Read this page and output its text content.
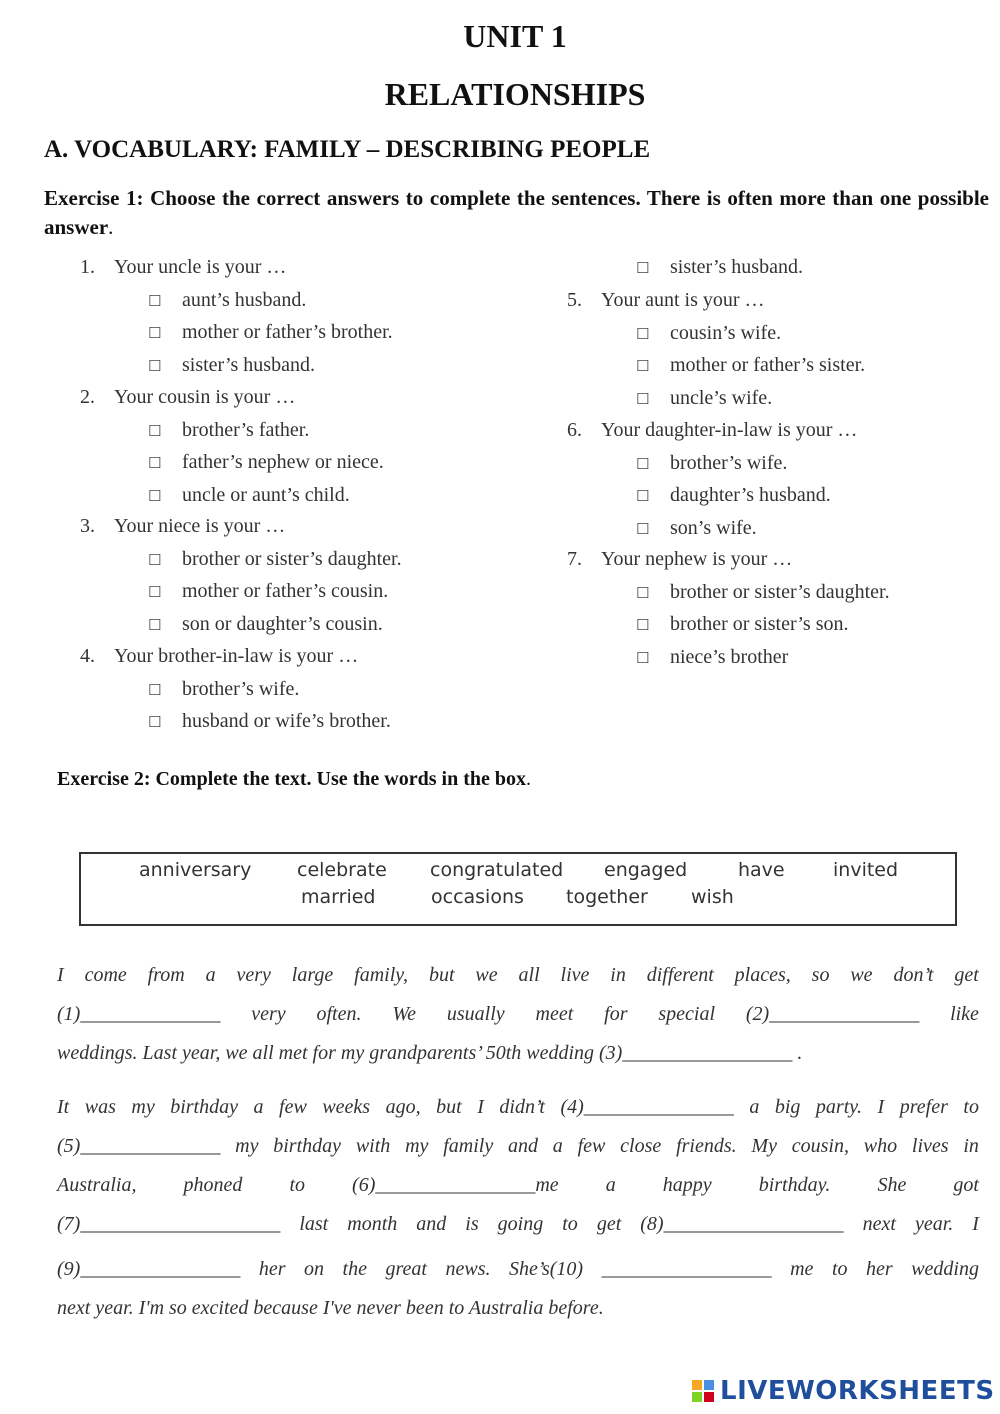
UNIT 1
RELATIONSHIPS
A. VOCABULARY: FAMILY – DESCRIBING PEOPLE
Exercise 1: Choose the correct answers to complete the sentences. There is often more than one possible answer.
1. Your uncle is your …
☐ aunt’s husband.
☐ mother or father’s brother.
☐ sister’s husband.
2. Your cousin is your …
☐ brother’s father.
☐ father’s nephew or niece.
☐ uncle or aunt’s child.
3. Your niece is your …
☐ brother or sister’s daughter.
☐ mother or father’s cousin.
☐ son or daughter’s cousin.
4. Your brother-in-law is your …
☐ brother’s wife.
☐ husband or wife’s brother.
5. Your aunt is your …
☐ cousin’s wife.
☐ mother or father’s sister.
☐ uncle’s wife.
6. Your daughter-in-law is your …
☐ brother’s wife.
☐ daughter’s husband.
☐ son’s wife.
7. Your nephew is your …
☐ brother or sister’s daughter.
☐ brother or sister’s son.
☐ niece’s brother
☐ sister’s husband.
Exercise 2: Complete the text. Use the words in the box.
anniversary celebrate congratulated engaged	have	invited
married	occasions together wish
I come from a very large family, but we all live in different places, so we don’t get
(1)______________ very often. We usually meet for special (2)_______________ like
weddings. Last year, we all met for my grandparents’ 50th wedding (3)_________________ .
It was my birthday a few weeks ago, but I didn’t (4)_______________ a big party. I prefer to
(5)______________ my birthday with my family and a few close friends. My cousin, who lives in
Australia, phoned to (6)________________me a happy birthday. She got
(7)____________________ last month and is going to get (8)__________________ next year. I
(9)________________ her on the great news. She’s(10) _________________ me to her wedding
next year. I'm so excited because I've never been to Australia before.
LIVEWORKSHEETS
